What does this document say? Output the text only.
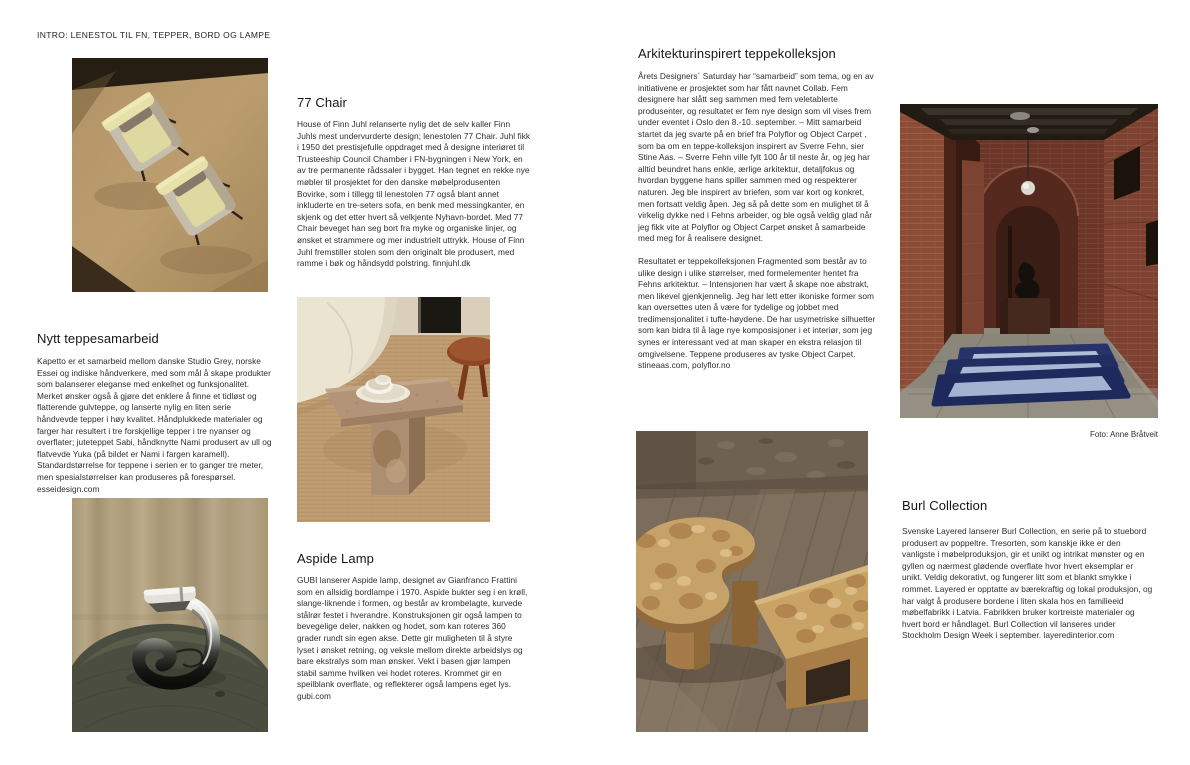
INTRO: LENESTOL TIL FN, TEPPER, BORD OG LAMPE
Nytt teppesamarbeid

Kapetto er et samarbeid mellom danske Studio Grey, norske Essei og indiske håndverkere, med som mål å skape produkter som balanserer eleganse med enkelhet og funksjonalitet. Merket ønsker også å gjøre det enklere å finne et tidløst og flatterende gulvteppe, og lanserte nylig en liten serie håndvevde tepper i høy kvalitet. Håndplukkede materialer og farger har resultert i tre forskjellige tepper i tre nyanser og overflater; juteteppet Sabi, håndknytte Nami produsert av ull og flatvevde Yuka (på bildet er Nami i fargen karamell). Standardstørrelse for teppene i serien er to ganger tre meter, men spesialstørrelser kan produseres på forespørsel. esseidesign.com

77 Chair

House of Finn Juhl relanserte nylig det de selv kaller Finn Juhls mest undervurderte design; lenestolen 77 Chair. Juhl fikk i 1950 det prestisjefulle oppdraget med å designe interiøret til Trusteeship Council Chamber i FN-bygningen i New York, en av tre permanente rådssaler i bygget. Han tegnet en rekke nye møbler til prosjektet for den danske møbelprodusenten Bovirke, som i tillegg til lenestolen 77 også blant annet inkluderte en tre-seters sofa, en benk med messingkanter, en skjenk og det etter hvert så velkjente Nyhavn-bordet. Med 77 Chair beveget han seg bort fra myke og organiske linjer, og ønsket et strammere og mer industrielt uttrykk. House of Finn Juhl fremstiller stolen som den originalt ble produsert, med ramme i bøk og håndsydd polstring. finnjuhl.dk

Aspide Lamp

GUBI lanserer Aspide lamp, designet av Gianfranco Frattini som en allsidig bordlampe i 1970. Aspide bukter seg i en krøll, slange-liknende i formen, og består av krombelagte, kurvede stålrør festet i hverandre. Konstruksjonen gir også lampen to bevegelige deler, nakken og hodet, som kan roteres 360 grader rundt sin egen akse. Dette gir muligheten til å styre lyset i ønsket retning, og veksle mellom direkte arbeidslys og bare ekstralys som man ønsker. Vekt i basen gjør lampen stabil samme hvilken vei hodet roteres. Krommet gir en speilblank overflate, og reflekterer også lampens eget lys. gubi.com

Arkitekturinspirert teppekolleksjon

Årets Designers´ Saturday har “samarbeid” som tema, og en av initiativene er prosjektet som har fått navnet Collab. Fem designere har slått seg sammen med fem veletablerte produsenter, og resultatet er fem nye design som vil vises frem under eventet i Oslo den 8.-10. september. – Mitt samarbeid startet da jeg svarte på en brief fra Polyflor og Object Carpet , som ba om en teppe-kolleksjon inspirert av Sverre Fehn, sier Stine Aas. – Sverre Fehn ville fylt 100 år til neste år, og jeg har alltid beundret hans enkle, ærlige arkitektur, detaljfokus og hvordan byggene hans spiller sammen med og respekterer naturen. Jeg ble inspirert av briefen, som var kort og konkret, men fortsatt veldig åpen. Jeg så på dette som en mulighet til å virkelig dykke ned i Fehns arbeider, og ble også veldig glad når jeg fikk vite at Polyflor og Object Carpet ønsket å samarbeide med meg for å realisere designet.

Resultatet er teppekolleksjonen Fragmented som består av to ulike design i ulike størrelser, med formelementer hentet fra Fehns arkitektur. – Intensjonen har vært å skape noe abstrakt, men likevel gjenkjennelig. Jeg har lett etter ikoniske former som kan oversettes uten å være for tydelige og jobbet med tredimensjonalitet i tufte-høydene. De har usymetriske silhuetter som kan bidra til å lage nye komposisjoner i et interiør, som jeg synes er interessant ved at man skaper en ekstra relasjon til omgivelsene. Teppene produseres av tyske Object Carpet. stineaas.com, polyflor.no

Foto: Anne Bråtveit
Burl Collection

Svenske Layered lanserer Burl Collection, en serie på to stuebord produsert av poppeltre. Tresorten, som kanskje ikke er den vanligste i møbelproduksjon, gir et unikt og intrikat mønster og en gyllen og nærmest glødende overflate hvor hvert eksemplar er unikt. Veldig dekorativt, og fungerer litt som et blankt smykke i rommet. Layered er opptatte av bærekraftig og lokal produksjon, og har valgt å produsere bordene i liten skala hos en familieeid møbelfabrikk i Latvia. Fabrikken bruker kortreiste materialer og hvert bord er håndlaget. Burl Collection vil lanseres under Stockholm Design Week i september. layeredinterior.com
